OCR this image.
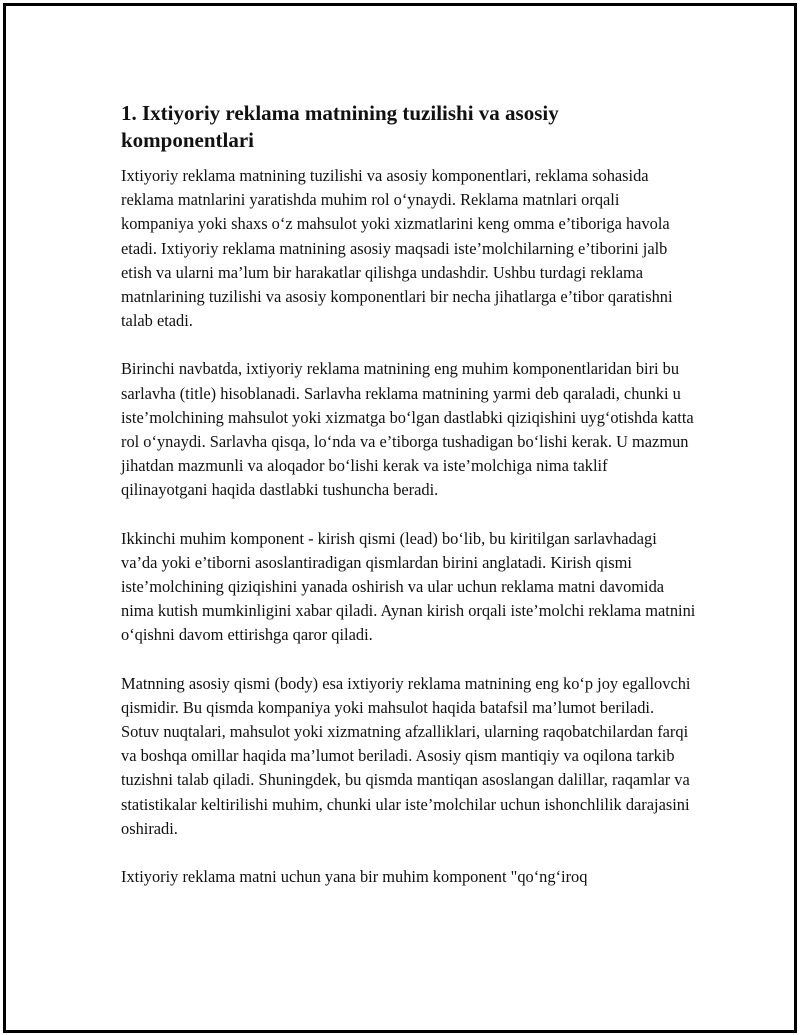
1. Ixtiyoriy reklama matnining tuzilishi va asosiy komponentlari

Ixtiyoriy reklama matnining tuzilishi va asosiy komponentlari, reklama sohasida reklama matnlarini yaratishda muhim rol o‘ynaydi. Reklama matnlari orqali kompaniya yoki shaxs o‘z mahsulot yoki xizmatlarini keng omma e’tiboriga havola etadi. Ixtiyoriy reklama matnining asosiy maqsadi iste’molchilarning e’tiborini jalb etish va ularni ma’lum bir harakatlar qilishga undashdir. Ushbu turdagi reklama matnlarining tuzilishi va asosiy komponentlari bir necha jihatlarga e’tibor qaratishni talab etadi.

Birinchi navbatda, ixtiyoriy reklama matnining eng muhim komponentlaridan biri bu sarlavha (title) hisoblanadi. Sarlavha reklama matnining yarmi deb qaraladi, chunki u iste’molchining mahsulot yoki xizmatga bo‘lgan dastlabki qiziqishini uyg‘otishda katta rol o‘ynaydi. Sarlavha qisqa, lo‘nda va e’tiborga tushadigan bo‘lishi kerak. U mazmun jihatdan mazmunli va aloqador bo‘lishi kerak va iste’molchiga nima taklif qilinayotgani haqida dastlabki tushuncha beradi.

Ikkinchi muhim komponent - kirish qismi (lead) bo‘lib, bu kiritilgan sarlavhadagi va’da yoki e’tiborni asoslantiradigan qismlardan birini anglatadi. Kirish qismi iste’molchining qiziqishini yanada oshirish va ular uchun reklama matni davomida nima kutish mumkinligini xabar qiladi. Aynan kirish orqali iste’molchi reklama matnini o‘qishni davom ettirishga qaror qiladi.

Matnning asosiy qismi (body) esa ixtiyoriy reklama matnining eng ko‘p joy egallovchi qismidir. Bu qismda kompaniya yoki mahsulot haqida batafsil ma’lumot beriladi. Sotuv nuqtalari, mahsulot yoki xizmatning afzalliklari, ularning raqobatchilardan farqi va boshqa omillar haqida ma’lumot beriladi. Asosiy qism mantiqiy va oqilona tarkib tuzishni talab qiladi. Shuningdek, bu qismda mantiqan asoslangan dalillar, raqamlar va statistikalar keltirilishi muhim, chunki ular iste’molchilar uchun ishonchlilik darajasini oshiradi.

Ixtiyoriy reklama matni uchun yana bir muhim komponent "qo‘ng‘iroq
